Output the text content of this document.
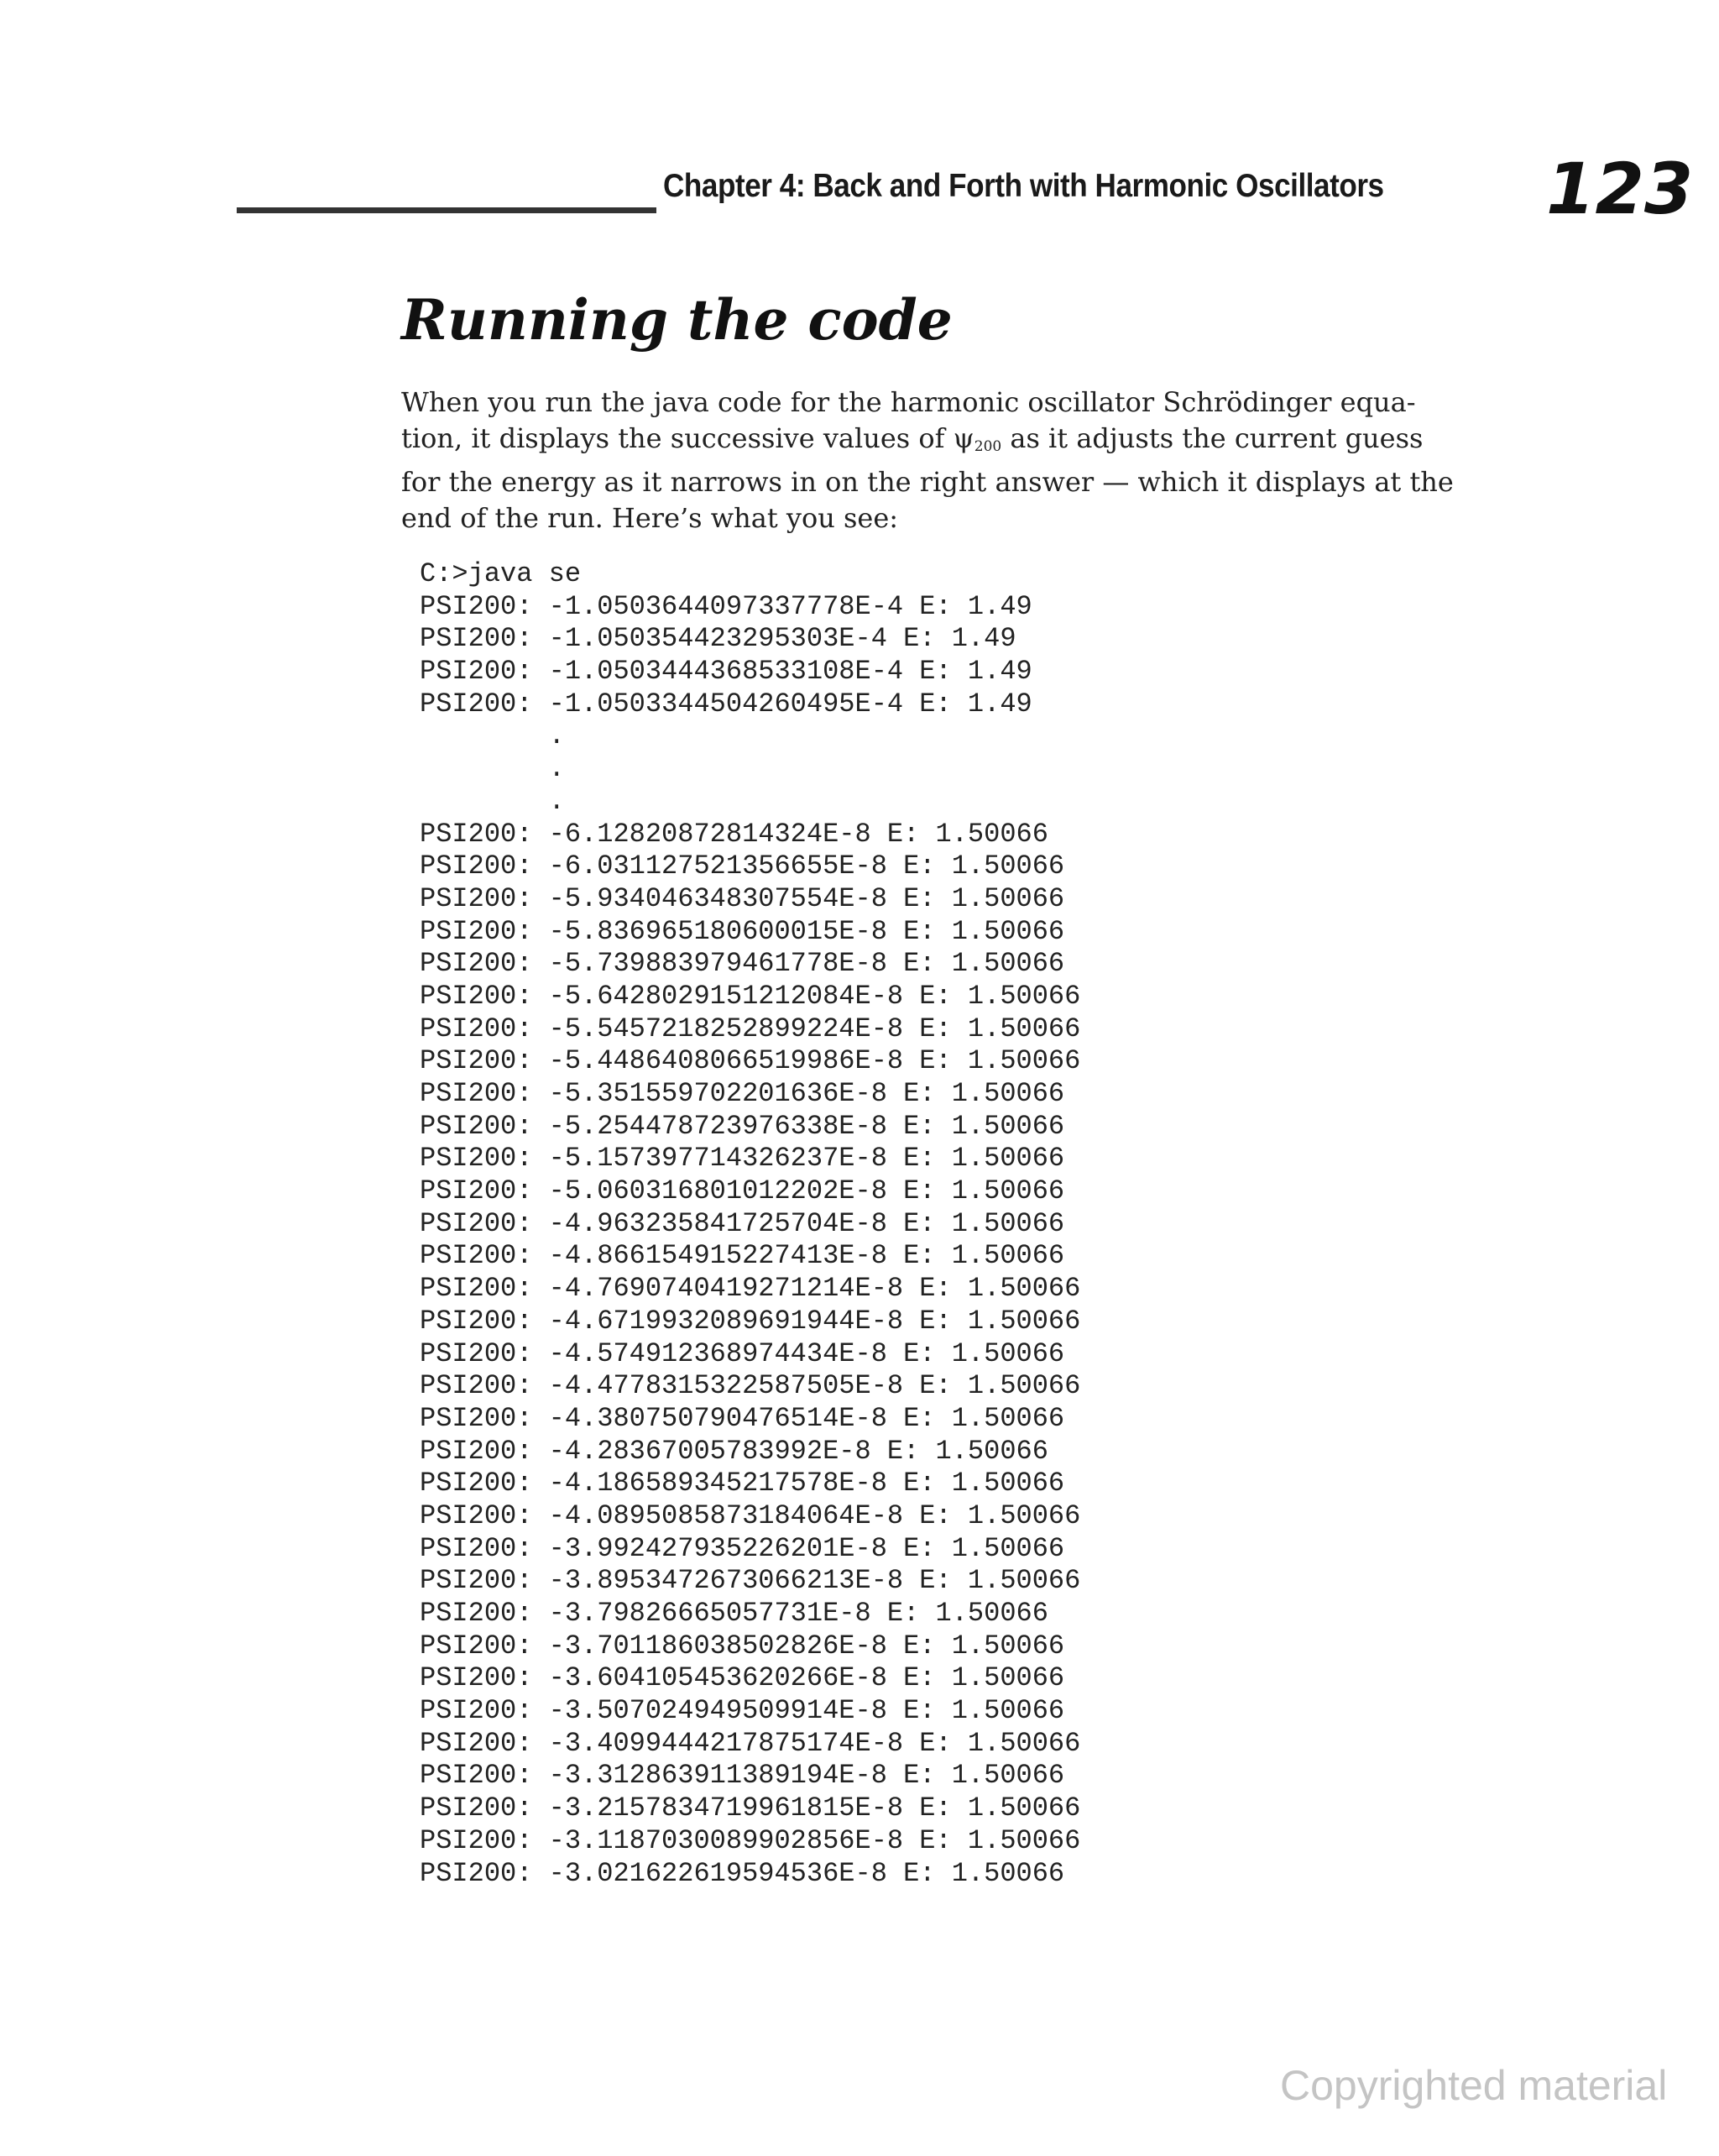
Chapter 4: Back and Forth with Harmonic Oscillators 123
Running the code
When you run the java code for the harmonic oscillator Schrödinger equa-
tion, it displays the successive values of $\psi_{200}$ as it adjusts the current guess
for the energy as it narrows in on the right answer — which it displays at the
end of the run. Here’s what you see:
C:>java se
PSI200: -1.0503644097337778E-4 E: 1.49
PSI200: -1.050354423295303E-4 E: 1.49
PSI200: -1.0503444368533108E-4 E: 1.49
PSI200: -1.0503344504260495E-4 E: 1.49
.
.
.
PSI200: -6.12820872814324E-8 E: 1.50066
PSI200: -6.031127521356655E-8 E: 1.50066
PSI200: -5.934046348307554E-8 E: 1.50066
PSI200: -5.836965180600015E-8 E: 1.50066
PSI200: -5.739883979461778E-8 E: 1.50066
PSI200: -5.6428029151212084E-8 E: 1.50066
PSI200: -5.5457218252899224E-8 E: 1.50066
PSI200: -5.4486408066519986E-8 E: 1.50066
PSI200: -5.351559702201636E-8 E: 1.50066
PSI200: -5.254478723976338E-8 E: 1.50066
PSI200: -5.157397714326237E-8 E: 1.50066
PSI200: -5.060316801012202E-8 E: 1.50066
PSI200: -4.963235841725704E-8 E: 1.50066
PSI200: -4.866154915227413E-8 E: 1.50066
PSI200: -4.7690740419271214E-8 E: 1.50066
PSI200: -4.6719932089691944E-8 E: 1.50066
PSI200: -4.574912368974434E-8 E: 1.50066
PSI200: -4.4778315322587505E-8 E: 1.50066
PSI200: -4.380750790476514E-8 E: 1.50066
PSI200: -4.28367005783992E-8 E: 1.50066
PSI200: -4.186589345217578E-8 E: 1.50066
PSI200: -4.0895085873184064E-8 E: 1.50066
PSI200: -3.992427935226201E-8 E: 1.50066
PSI200: -3.8953472673066213E-8 E: 1.50066
PSI200: -3.79826665057731E-8 E: 1.50066
PSI200: -3.701186038502826E-8 E: 1.50066
PSI200: -3.604105453620266E-8 E: 1.50066
PSI200: -3.507024949509914E-8 E: 1.50066
PSI200: -3.4099444217875174E-8 E: 1.50066
PSI200: -3.312863911389194E-8 E: 1.50066
PSI200: -3.2157834719961815E-8 E: 1.50066
PSI200: -3.1187030089902856E-8 E: 1.50066
PSI200: -3.021622619594536E-8 E: 1.50066
Copyrighted material
